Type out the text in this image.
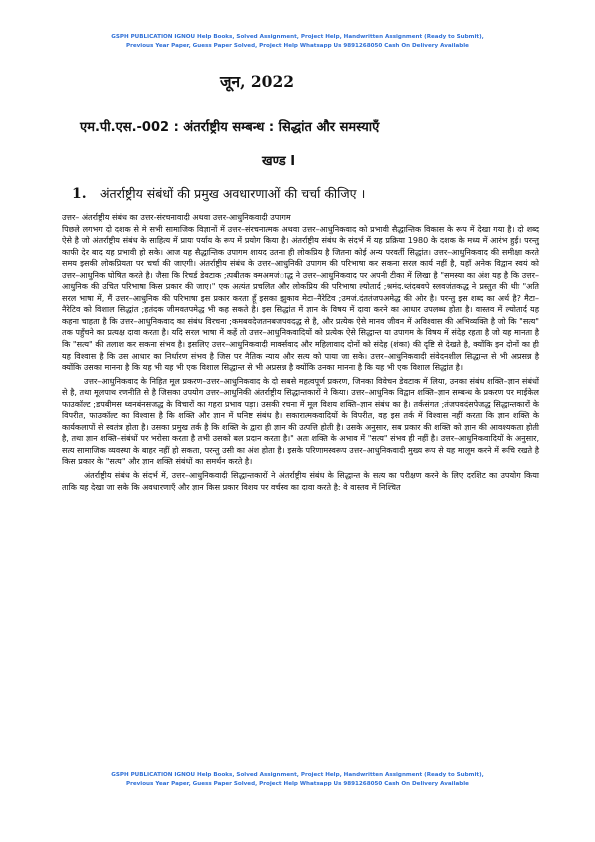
GSPH PUBLICATION IGNOU Help Books, Solved Assignment, Project Help, Handwritten Assignment (Ready to Submit),
Previous Year Paper, Guess Paper Solved, Project Help Whatsapp Us 9891268050 Cash On Delivery Available
जून, 2022
एम.पी.एस.-002 : अंतर्राष्ट्रीय सम्बन्ध : सिद्धांत और समस्याएँ
खण्ड I
1. अंतर्राष्ट्रीय संबंधों की प्रमुख अवधारणाओं की चर्चा कीजिए ।

उत्तर– अंतर्राष्ट्रीय संबंध का उत्तर-संरचनावादी अथवा उत्तर-आधुनिकवादी उपागम

पिछले लगभग दो दशक से मे सभी सामाजिक विज्ञानों में उत्तर–संरचनात्मक अथवा उत्तर–आधुनिकवाद को प्रभावी सैद्धान्तिक विकास के रूप में देखा गया है। दो शब्द ऐसे है जो अंतर्राष्ट्रीय संबंध के साहित्य में प्रायः पर्याय के रूप में प्रयोग किया है। अंतर्राष्ट्रीय संबंध के संदर्भ में यह प्रक्रिया 1980 के दशक के मध्य में आरंभ हुई। परन्तु काफी देर बाद यह प्रभावी हो सके। आज यह सैद्धान्तिक उपागम शायद उतना ही लोकप्रिय है जितना कोई अन्य परवर्ती सिद्धांत। उत्तर–आधुनिकवाद की समीक्षा करते समय इसकी लोकप्रियता पर चर्चा की जाएगी। अंतर्राष्ट्रीय संबंध के उत्तर–आधुनिकी उपागम की परिभाषा कर सकना सरल कार्य नहीं है, यहाँ अनेक विद्वान स्वयं को उत्तर–आधुनिक घोषित करते है। जैसा कि रिचर्ड डेवटाक ;त्पबीतक क्मअमजंाद्ध ने उत्तर–आधुनिकवाद पर अपनी टीका में लिखा है "समस्या का अंश यह है कि उत्तर–आधुनिक की उचित परिभाषा किस प्रकार की जाए।" एक अत्यंत प्रचलित और लोकप्रिय की परिभाषा ल्योतार्द ;श्रमंद.थ्तंदबवपे स्लवजंतकद्ध ने प्रस्तुत की थीः "अति सरल भाषा में, मैं उत्तर–आधुनिक की परिभाषा इस प्रकार करता हूँ इसका झुकाव मेटा–नैरेटिव ;उमजं.दंततंजपअमेद्ध की ओर है। परन्तु इस शब्द का अर्थ है? मैटा–नैरेटिव को विशाल सिद्धांत ;हतंदक जीमवतपमेद्ध भी कह सकते है। इस सिद्धांत में ज्ञान के विषय में दावा करने का आधार उपलब्ध होता है। वास्तव में ल्योतार्द यह कहना चाहता है कि उत्तर–आधुनिकवाद का संबंध विरचना ;कमबवदेजतनबजपवदद्ध से है, और प्रत्येक ऐसे मानव जीवन में अविश्वास की अभिव्यक्ति है जो कि "सत्य" तक पहुँचने का प्रत्यक्ष दावा करता है। यदि सरल भाषा में कहें तो उत्तर–आधुनिकवादियों को प्रत्येक ऐसे सिद्धान्त या उपागम के विषय में संदेह रहता है जो यह मानता है कि "सत्य" की तलाश कर सकना संभव है। इसलिए उत्तर–आधुनिकवादी मार्क्सवाद और महिलावाद दोनों को संदेह (शंका) की दृष्टि से देखते है, क्योंकि इन दोनों का ही यह विश्वास है कि उस आधार का निर्धारण संभव है जिस पर नैतिक न्याय और सत्य को पाया जा सके। उत्तर–आधुनिकवादी संवेदनशील सिद्धान्त से भी अप्रसन्न है क्योंकि उसका मानना है कि यह भी यह भी एक विशाल सिद्धान्त से भी अप्रसन्न है क्योंकि उनका मानना है कि यह भी एक विशाल सिद्धांत है।

उत्तर–आधुनिकवाद के निहित मूल प्रकरण–उत्तर–आधुनिकवाद के दो सबसे महत्वपूर्ण प्रकरण, जिनका विवेचन डेवटाक में लिया, उनका संबंध शक्ति–ज्ञान संबंधों से है, तथा मूलपाथ रणनीति से है जिसका उपयोग उत्तर–आधुनिकी अंतर्राष्ट्रीय सिद्धान्तकारों ने किया। उत्तर–आधुनिक विद्वान शक्ति–ज्ञान सम्बन्ध के प्रकरण पर माईकेल फाउकॉल्ट ;डपबीमस थ्वनबंनसजद्ध के विचारों का गहरा प्रभाव पड़ा। उसकी रचना में मूल विशय शक्ति–ज्ञान संबंध का है। तर्कसंगत ;तंजपवदंसपेजद्ध सिद्धान्तकारों के विपरीत, फाउकॉल्ट का विश्वास है कि शक्ति और ज्ञान में घनिष्ट संबंध है। सकारात्मकवादियों के विपरीत, वह इस तर्क में विश्वास नहीं करता कि ज्ञान शक्ति के कार्यकलापों से स्वतंत्र होता है। उसका प्रमुख तर्क है कि शक्ति के द्वारा ही ज्ञान की उत्पत्ति होती है। उसके अनुसार, सब प्रकार की शक्ति को ज्ञान की आवश्यकता होती है, तथा ज्ञान शक्ति–संबंधों पर भरोसा करता है तभी उसको बल प्रदान करता है।" अतः शक्ति के अभाव में "सत्य" संभव ही नहीं है। उत्तर–आधुनिकवादियों के अनुसार, सत्य सामाजिक व्यवस्था के बाहर नहीं हो सकता, परन्तु उसी का अंश होता है। इसके परिणामस्वरूप उत्तर–आधुनिकवादी मुख्य रूप से यह मालूम करने में रूचि रखते है किस प्रकार के "सत्य" और ज्ञान शक्ति संबंधों का समर्थन करते है।

अंतर्राष्ट्रीय संबंध के संदर्भ में, उत्तर–आधुनिकवादी सिद्धान्तकारों ने अंतर्राष्ट्रीय संबंध के सिद्धान्त के सत्य का परीक्षण करने के लिए दरशिट का उपयोग किया ताकि यह देखा जा सके कि अवधारणाएँ और ज्ञान किस प्रकार विशय पर वर्चस्व का दावा करते है: वे वास्तव में निश्चित

GSPH PUBLICATION IGNOU Help Books, Solved Assignment, Project Help, Handwritten Assignment (Ready to Submit),
Previous Year Paper, Guess Paper Solved, Project Help Whatsapp Us 9891268050 Cash On Delivery Available
